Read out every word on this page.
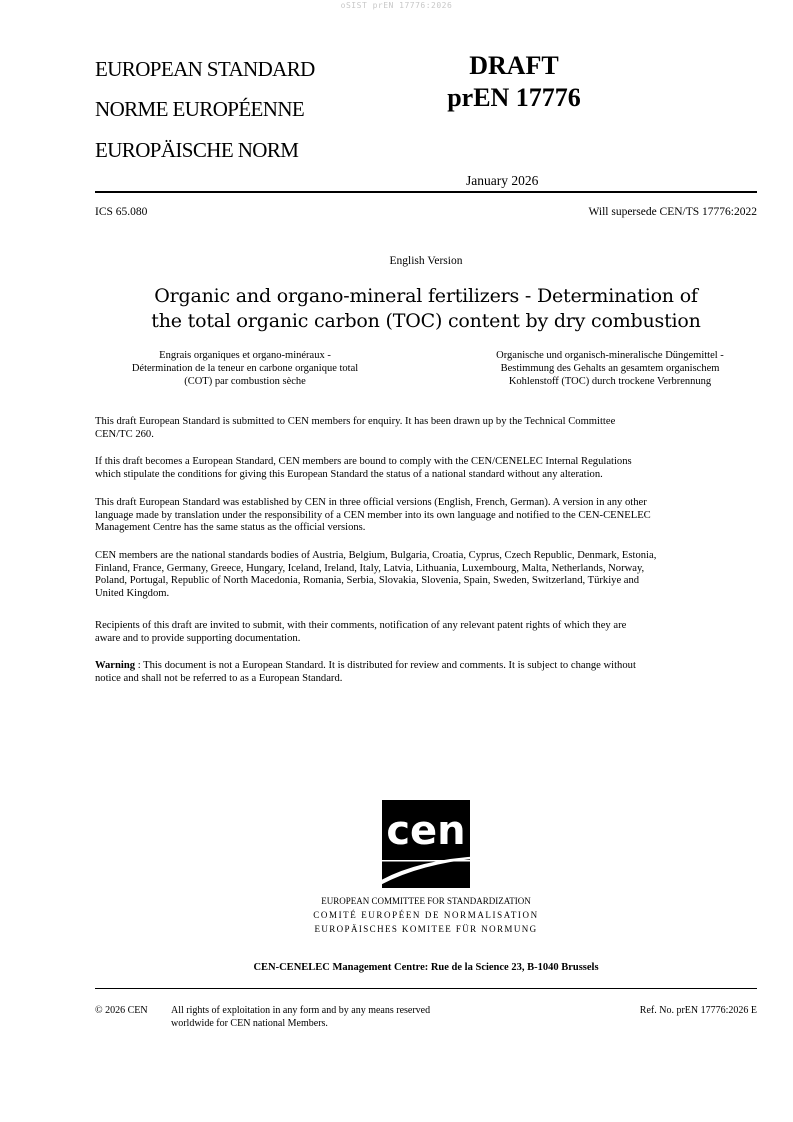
oSIST prEN 17776:2026
EUROPEAN STANDARD
NORME EUROPÉENNE
EUROPÄISCHE NORM
DRAFT
prEN 17776
January 2026
ICS 65.080	Will supersede CEN/TS 17776:2022
English Version
Organic and organo-mineral fertilizers - Determination of
the total organic carbon (TOC) content by dry combustion
Engrais organiques et organo-minéraux -
Détermination de la teneur en carbone organique total
(COT) par combustion sèche
Organische und organisch-mineralische Düngemittel -
Bestimmung des Gehalts an gesamtem organischem
Kohlenstoff (TOC) durch trockene Verbrennung
This draft European Standard is submitted to CEN members for enquiry. It has been drawn up by the Technical Committee
CEN/TC 260.
If this draft becomes a European Standard, CEN members are bound to comply with the CEN/CENELEC Internal Regulations
which stipulate the conditions for giving this European Standard the status of a national standard without any alteration.
This draft European Standard was established by CEN in three official versions (English, French, German). A version in any other
language made by translation under the responsibility of a CEN member into its own language and notified to the CEN-CENELEC
Management Centre has the same status as the official versions.
CEN members are the national standards bodies of Austria, Belgium, Bulgaria, Croatia, Cyprus, Czech Republic, Denmark, Estonia,
Finland, France, Germany, Greece, Hungary, Iceland, Ireland, Italy, Latvia, Lithuania, Luxembourg, Malta, Netherlands, Norway,
Poland, Portugal, Republic of North Macedonia, Romania, Serbia, Slovakia, Slovenia, Spain, Sweden, Switzerland, Türkiye and
United Kingdom.
Recipients of this draft are invited to submit, with their comments, notification of any relevant patent rights of which they are
aware and to provide supporting documentation.
Warning : This document is not a European Standard. It is distributed for review and comments. It is subject to change without
notice and shall not be referred to as a European Standard.
cen
EUROPEAN COMMITTEE FOR STANDARDIZATION
COMITÉ EUROPÉEN DE NORMALISATION
EUROPÄISCHES KOMITEE FÜR NORMUNG
CEN-CENELEC Management Centre: Rue de la Science 23, B-1040 Brussels
© 2026 CEN All rights of exploitation in any form and by any means reserved
worldwide for CEN national Members.
Ref. No. prEN 17776:2026 E
